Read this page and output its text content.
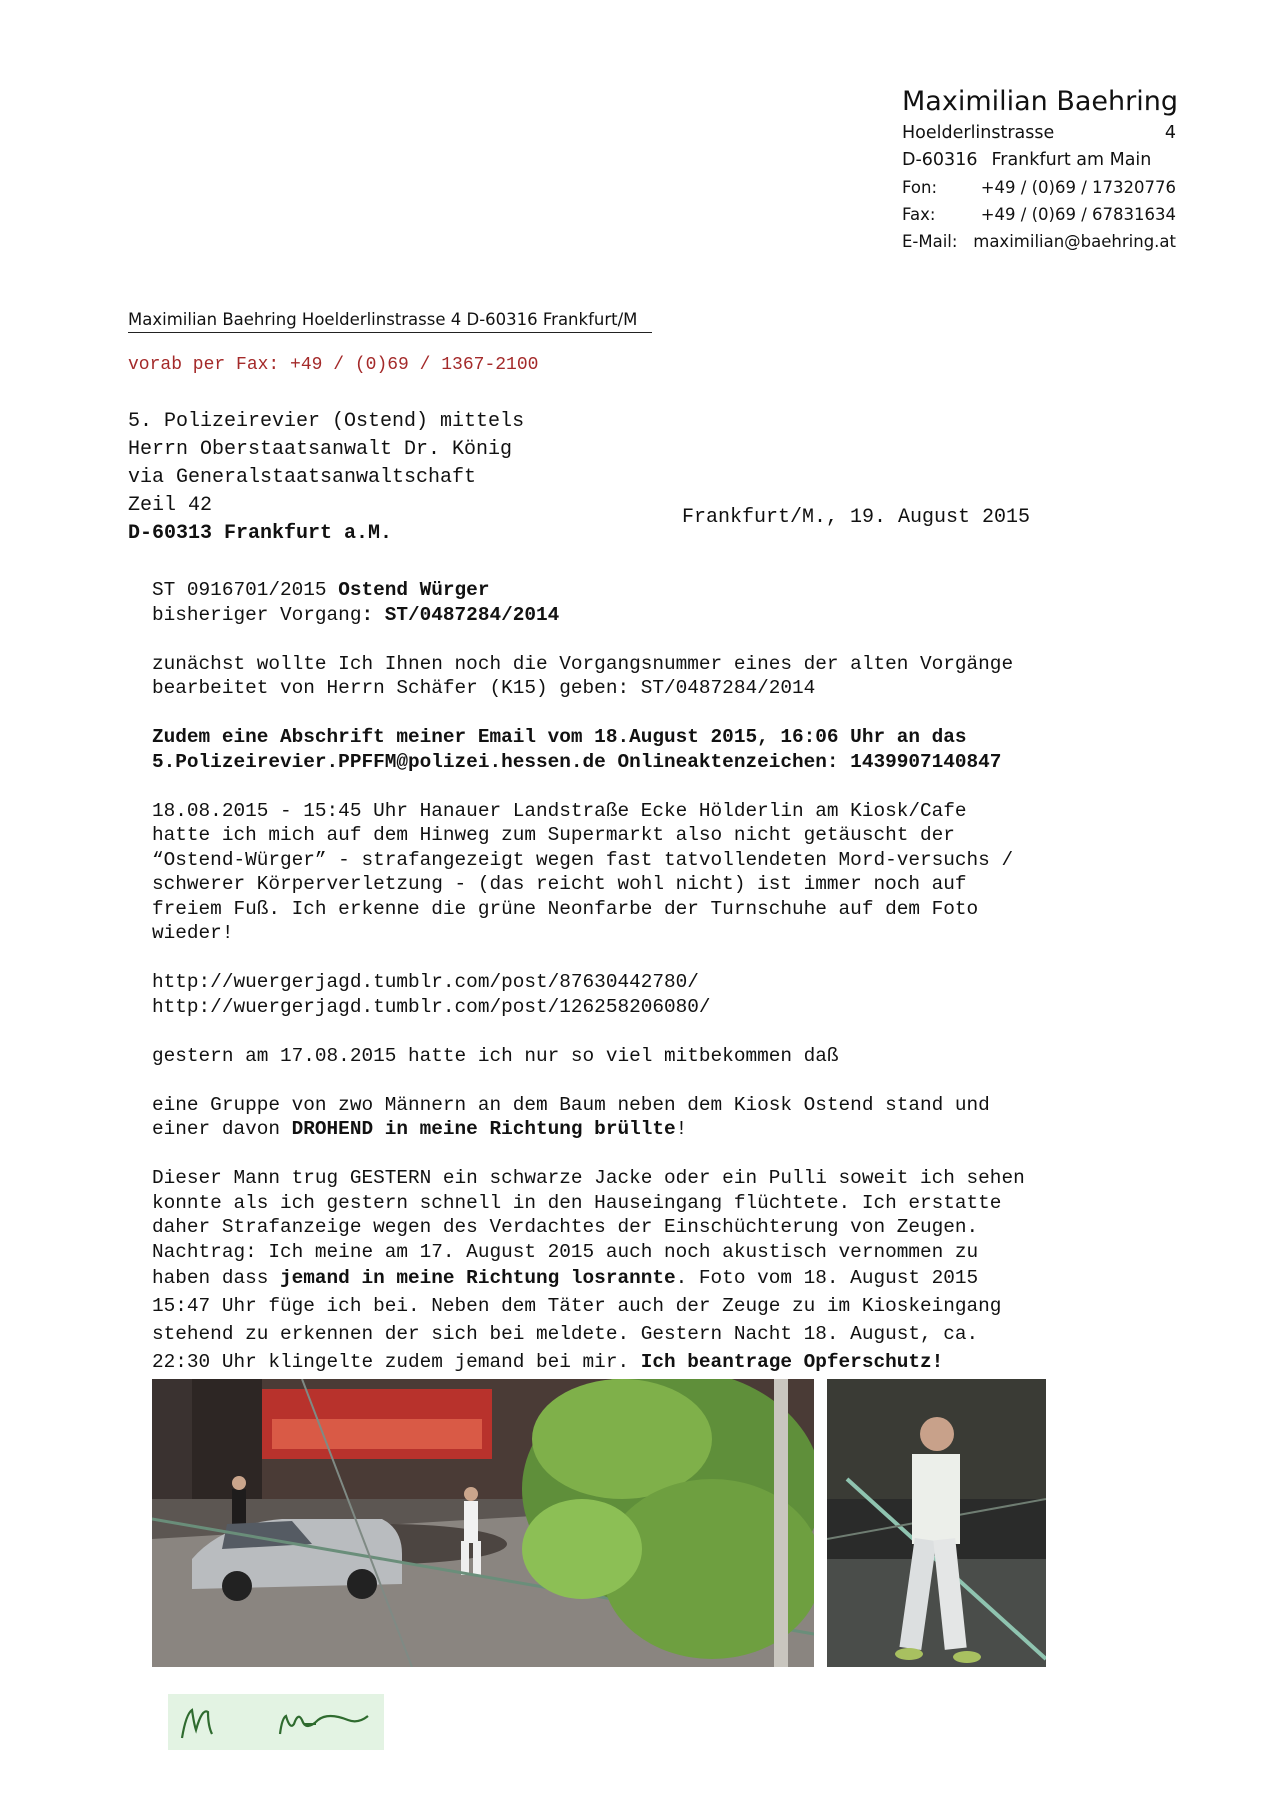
Maximilian Baehring
Hoelderlinstrasse	4
D-60316 Frankfurt am Main
Fon:	+49 / (0)69 / 17320776
Fax:	+49 / (0)69 / 67831634
E-Mail: maximilian@baehring.at
Maximilian Baehring Hoelderlinstrasse 4 D-60316 Frankfurt/M
vorab per Fax: +49 / (0)69 / 1367-2100
5. Polizeirevier (Ostend) mittels
Herrn Oberstaatsanwalt Dr. König
via Generalstaatsanwaltschaft
Zeil 42
D-60313 Frankfurt a.M.
Frankfurt/M., 19. August 2015
ST 0916701/2015 Ostend Würger
bisheriger Vorgang: ST/0487284/2014
zunächst wollte Ich Ihnen noch die Vorgangsnummer eines der alten Vorgänge
bearbeitet von Herrn Schäfer (K15) geben: ST/0487284/2014
Zudem eine Abschrift meiner Email vom 18.August 2015, 16:06 Uhr an das
5.Polizeirevier.PPFFM@polizei.hessen.de Onlineaktenzeichen: 1439907140847
18.08.2015 - 15:45 Uhr Hanauer Landstraße Ecke Hölderlin am Kiosk/Cafe
hatte ich mich auf dem Hinweg zum Supermarkt also nicht getäuscht der
“Ostend-Würger” - strafangezeigt wegen fast tatvollendeten Mord-versuchs /
schwerer Körperverletzung - (das reicht wohl nicht) ist immer noch auf
freiem Fuß. Ich erkenne die grüne Neonfarbe der Turnschuhe auf dem Foto
wieder!
http://wuergerjagd.tumblr.com/post/87630442780/
http://wuergerjagd.tumblr.com/post/126258206080/
gestern am 17.08.2015 hatte ich nur so viel mitbekommen daß
eine Gruppe von zwo Männern an dem Baum neben dem Kiosk Ostend stand und
einer davon DROHEND in meine Richtung brüllte!
Dieser Mann trug GESTERN ein schwarze Jacke oder ein Pulli soweit ich sehen
konnte als ich gestern schnell in den Hauseingang flüchtete. Ich erstatte
daher Strafanzeige wegen des Verdachtes der Einschüchterung von Zeugen.
Nachtrag: Ich meine am 17. August 2015 auch noch akustisch vernommen zu
haben dass jemand in meine Richtung losrannte. Foto vom 18. August 2015
15:47 Uhr füge ich bei. Neben dem Täter auch der Zeuge zu im Kioskeingang
stehend zu erkennen der sich bei meldete. Gestern Nacht 18. August, ca.
22:30 Uhr klingelte zudem jemand bei mir. Ich beantrage Opferschutz!
